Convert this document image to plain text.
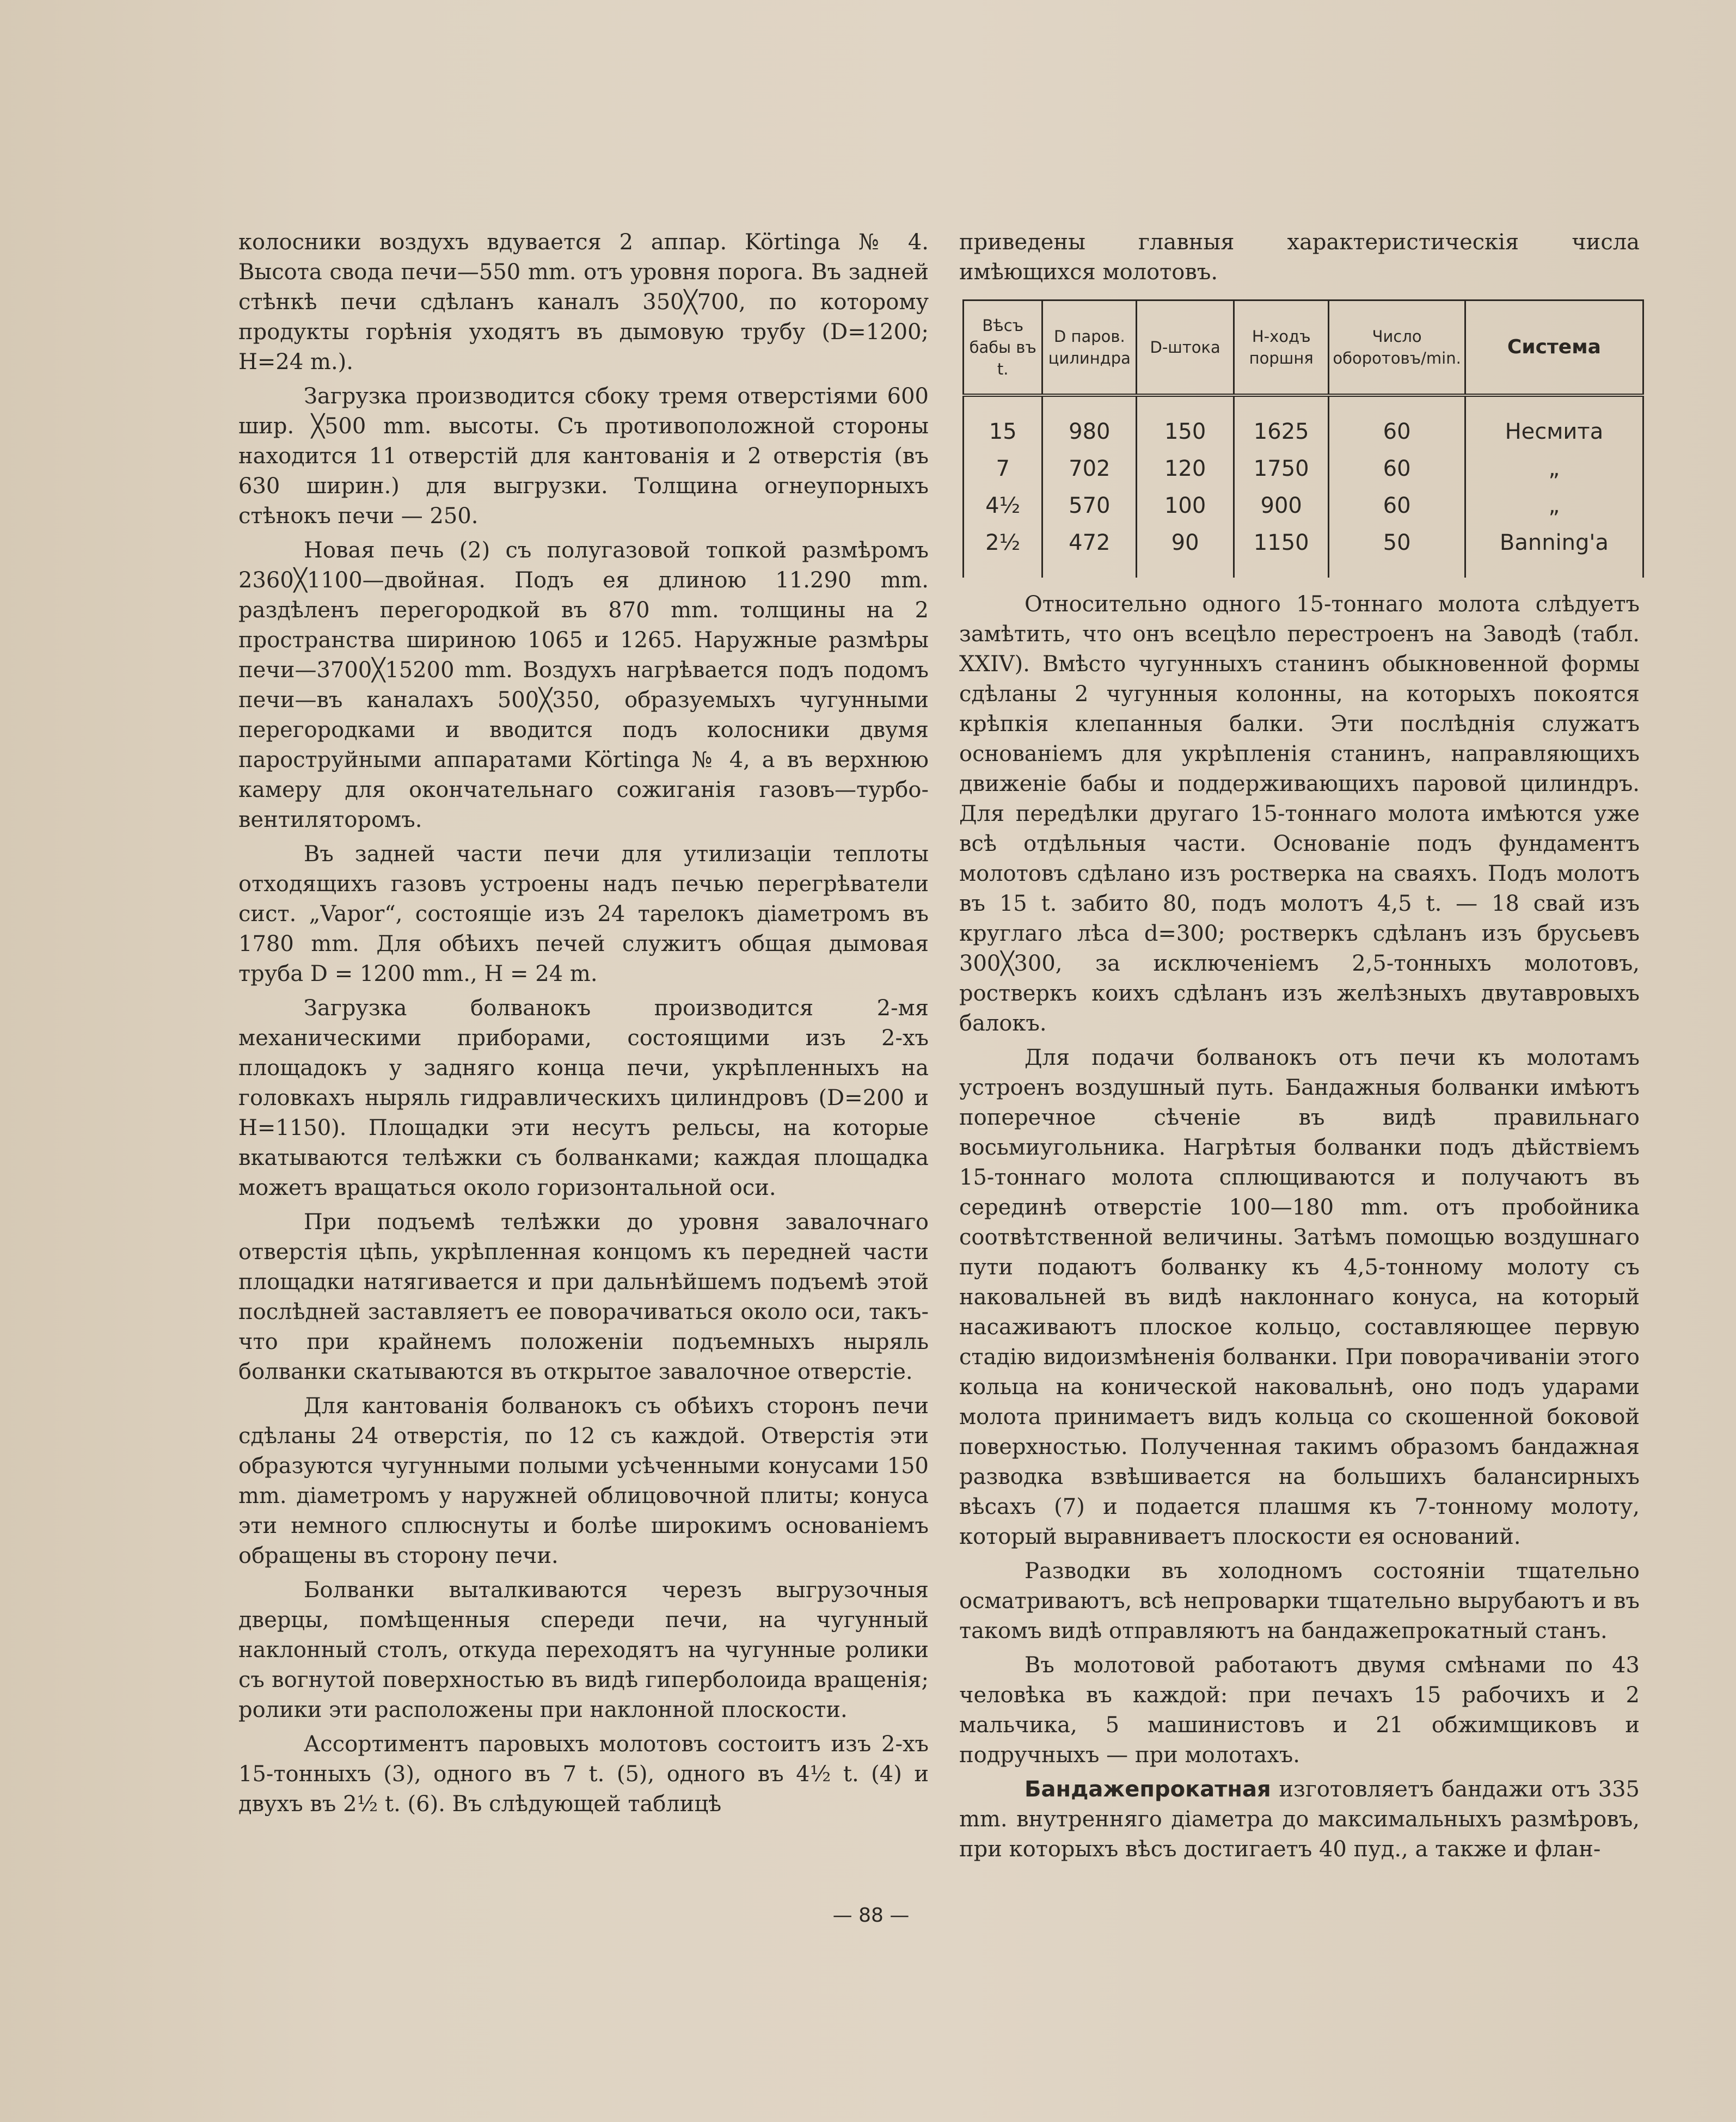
колосники воздухъ вдувается 2 аппар. Körtinga № 4. Высота свода печи—550 mm. отъ уровня порога. Въ задней стѣнкѣ печи сдѣланъ каналъ 350╳700, по которому продукты горѣнія уходятъ въ дымовую трубу (D=1200; H=24 m.).

Загрузка производится сбоку тремя отверстіями 600 шир. ╳500 mm. высоты. Съ противоположной стороны находится 11 отверстій для кантованія и 2 отверстія (въ 630 ширин.) для выгрузки. Толщина огнеупорныхъ стѣнокъ печи — 250.

Новая печь (2) съ полугазовой топкой размѣромъ 2360╳1100—двойная. Подъ ея длиною 11.290 mm. раздѣленъ перегородкой въ 870 mm. толщины на 2 пространства шириною 1065 и 1265. Наружные размѣры печи—3700╳15200 mm. Воздухъ нагрѣвается подъ подомъ печи—въ каналахъ 500╳350, образуемыхъ чугунными перегородками и вводится подъ колосники двумя пароструйными аппаратами Körtinga № 4, а въ верхнюю камеру для окончательнаго сожиганія газовъ—турбо-вентиляторомъ.

Въ задней части печи для утилизаціи теплоты отходящихъ газовъ устроены надъ печью перегрѣватели сист. „Vapor“, состоящіе изъ 24 тарелокъ діаметромъ въ 1780 mm. Для обѣихъ печей служитъ общая дымовая труба D = 1200 mm., H = 24 m.

Загрузка болванокъ производится 2-мя механическими приборами, состоящими изъ 2-хъ площадокъ у задняго конца печи, укрѣпленныхъ на головкахъ ныряль гидравлическихъ цилиндровъ (D=200 и H=1150). Площадки эти несутъ рельсы, на которые вкатываются телѣжки съ болванками; каждая площадка можетъ вращаться около горизонтальной оси.

При подъемѣ телѣжки до уровня завалочнаго отверстія цѣпь, укрѣпленная концомъ къ передней части площадки натягивается и при дальнѣйшемъ подъемѣ этой послѣдней заставляетъ ее поворачиваться около оси, такъ-что при крайнемъ положеніи подъемныхъ ныряль болванки скатываются въ открытое завалочное отверстіе.

Для кантованія болванокъ съ обѣихъ сторонъ печи сдѣланы 24 отверстія, по 12 съ каждой. Отверстія эти образуются чугунными полыми усѣченными конусами 150 mm. діаметромъ у наружней облицовочной плиты; конуса эти немного сплюснуты и болѣе широкимъ основаніемъ обращены въ сторону печи.

Болванки выталкиваются черезъ выгрузочныя дверцы, помѣщенныя спереди печи, на чугунный наклонный столъ, откуда переходятъ на чугунные ролики съ вогнутой поверхностью въ видѣ гиперболоида вращенія; ролики эти расположены при наклонной плоскости.

Ассортиментъ паровыхъ молотовъ состоитъ изъ 2-хъ 15-тонныхъ (3), одного въ 7 t. (5), одного въ 4½ t. (4) и двухъ въ 2½ t. (6). Въ слѣдующей таблицѣ

приведены главныя характеристическія числа имѣющихся молотовъ.

Вѣсъ бабы въ t.	D паров. цилиндра	D-штока	H-ходъ поршня	Число оборотовъ/min.	Система
15	980	150	1625	60	Несмита
7	702	120	1750	60	„
4½	570	100	900	60	„
2½	472	90	1150	50	Banning'a

Относительно одного 15-тоннаго молота слѣдуетъ замѣтить, что онъ всецѣло перестроенъ на Заводѣ (табл. XXIV). Вмѣсто чугунныхъ станинъ обыкновенной формы сдѣланы 2 чугунныя колонны, на которыхъ покоятся крѣпкія клепанныя балки. Эти послѣднія служатъ основаніемъ для укрѣпленія станинъ, направляющихъ движеніе бабы и поддерживающихъ паровой цилиндръ. Для передѣлки другаго 15-тоннаго молота имѣются уже всѣ отдѣльныя части. Основаніе подъ фундаментъ молотовъ сдѣлано изъ ростверка на сваяхъ. Подъ молотъ въ 15 t. забито 80, подъ молотъ 4,5 t. — 18 свай изъ круглаго лѣса d=300; ростверкъ сдѣланъ изъ брусьевъ 300╳300, за исключеніемъ 2,5-тонныхъ молотовъ, ростверкъ коихъ сдѣланъ изъ желѣзныхъ двутавровыхъ балокъ.

Для подачи болванокъ отъ печи къ молотамъ устроенъ воздушный путь. Бандажныя болванки имѣютъ поперечное сѣченіе въ видѣ правильнаго восьмиугольника. Нагрѣтыя болванки подъ дѣйствіемъ 15-тоннаго молота сплющиваются и получаютъ въ серединѣ отверстіе 100—180 mm. отъ пробойника соотвѣтственной величины. Затѣмъ помощью воздушнаго пути подаютъ болванку къ 4,5-тонному молоту съ наковальней въ видѣ наклоннаго конуса, на который насаживаютъ плоское кольцо, составляющее первую стадію видоизмѣненія болванки. При поворачиваніи этого кольца на конической наковальнѣ, оно подъ ударами молота принимаетъ видъ кольца со скошенной боковой поверхностью. Полученная такимъ образомъ бандажная разводка взвѣшивается на большихъ балансирныхъ вѣсахъ (7) и подается плашмя къ 7-тонному молоту, который выравниваетъ плоскости ея оснований.

Разводки въ холодномъ состояніи тщательно осматриваютъ, всѣ непроварки тщательно вырубаютъ и въ такомъ видѣ отправляютъ на бандажепрокатный станъ.

Въ молотовой работаютъ двумя смѣнами по 43 человѣка въ каждой: при печахъ 15 рабочихъ и 2 мальчика, 5 машинистовъ и 21 обжимщиковъ и подручныхъ — при молотахъ.

Бандажепрокатная изготовляетъ бандажи отъ 335 mm. внутренняго діаметра до максимальныхъ размѣровъ, при которыхъ вѣсъ достигаетъ 40 пуд., а также и флан-

— 88 —
